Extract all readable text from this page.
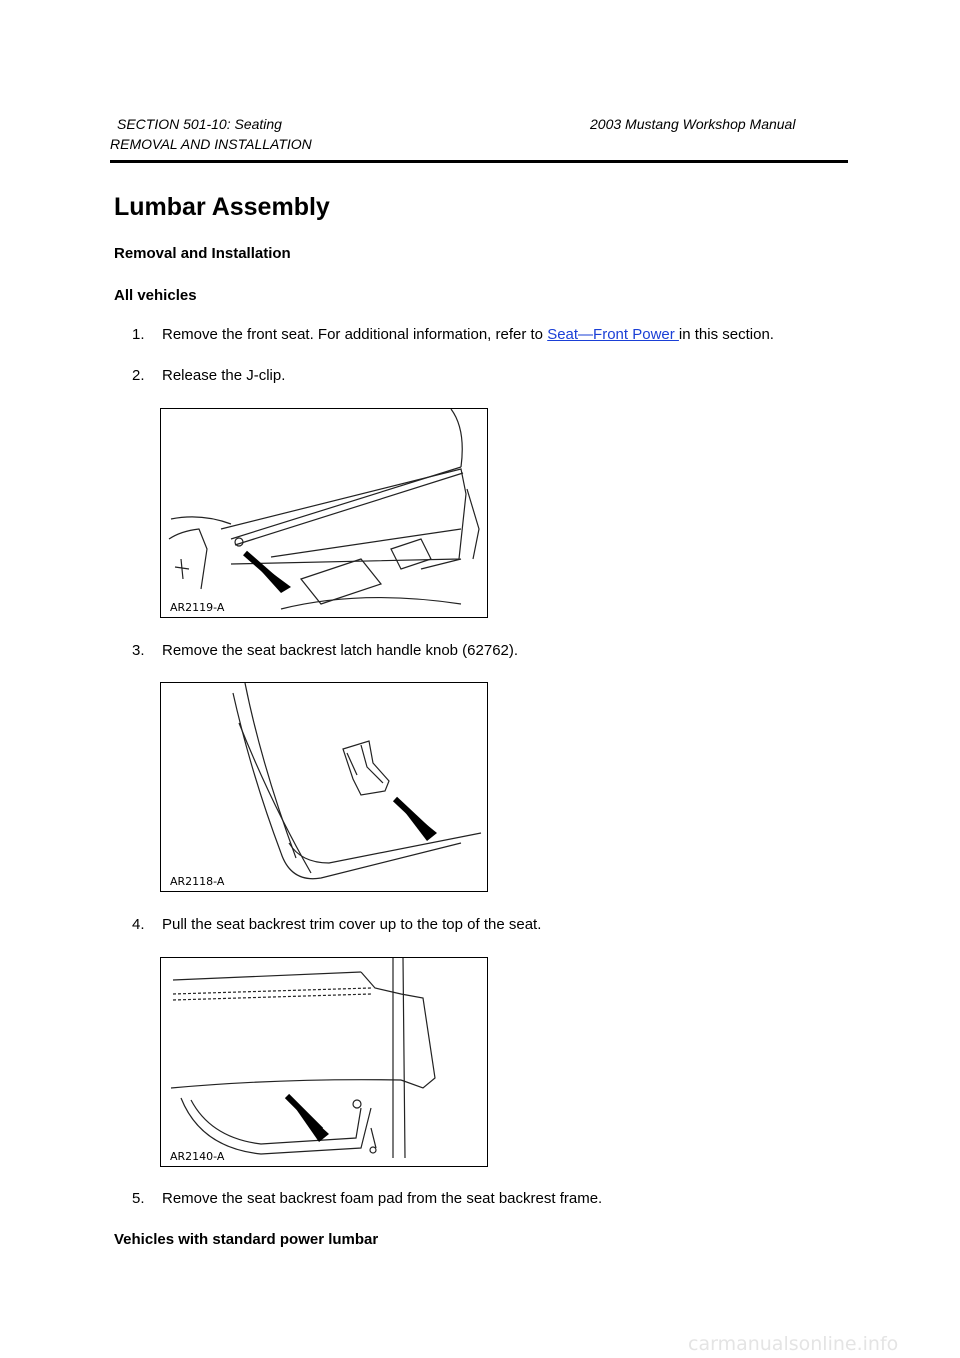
SECTION 501-10: Seating	2003 Mustang Workshop Manual
REMOVAL AND INSTALLATION
Lumbar Assembly
Removal and Installation
All vehicles
1. Remove the front seat. For additional information, refer to Seat—Front Power in this section.
2. Release the J-clip.
AR2119-A
3. Remove the seat backrest latch handle knob (62762).
AR2118-A
4. Pull the seat backrest trim cover up to the top of the seat.
AR2140-A
5. Remove the seat backrest foam pad from the seat backrest frame.
Vehicles with standard power lumbar
carmanualsonline.info
